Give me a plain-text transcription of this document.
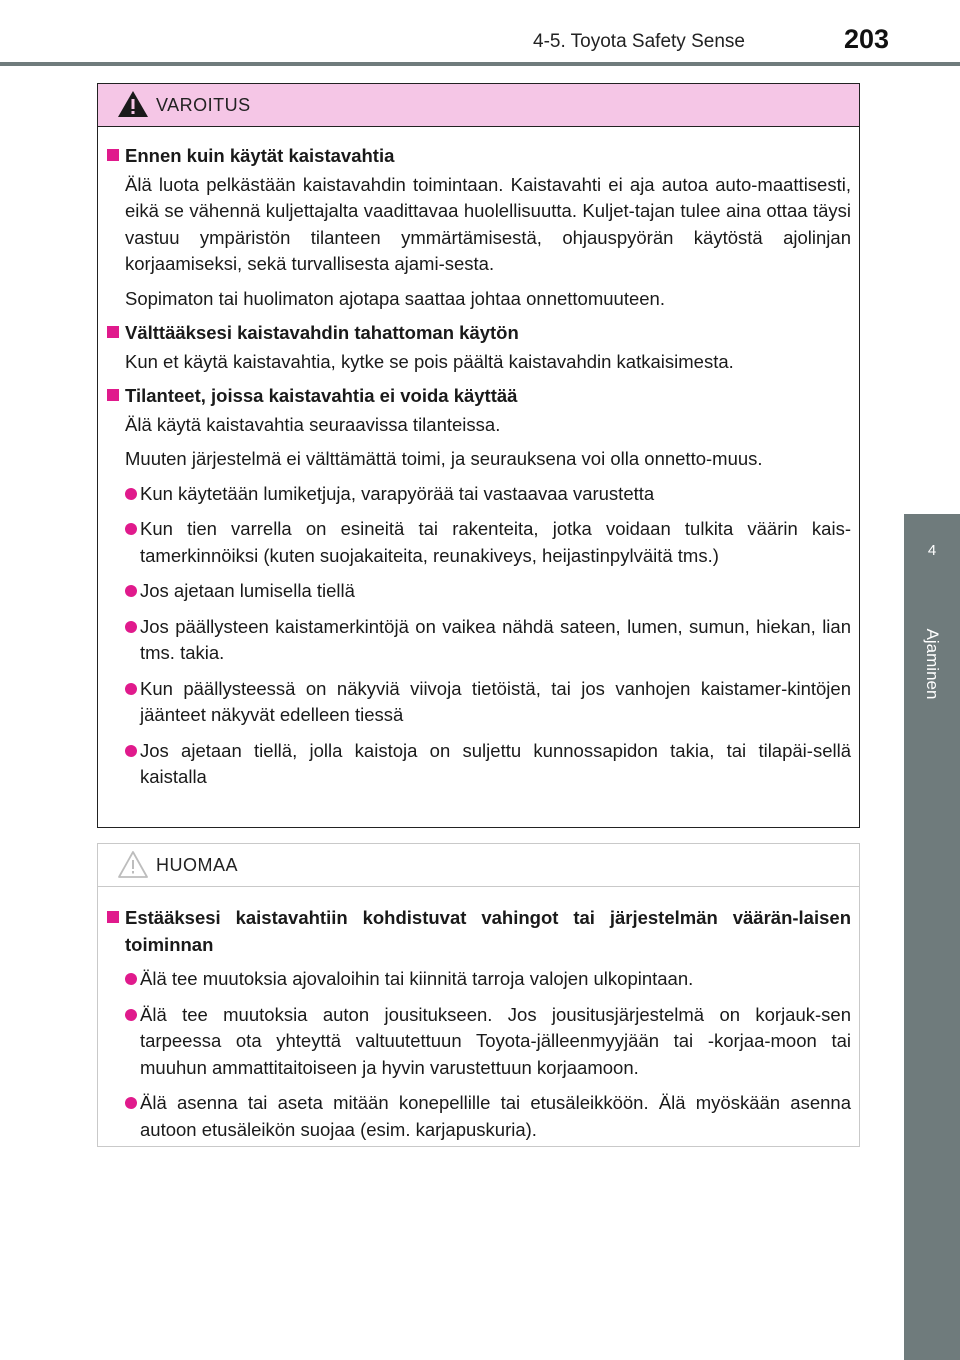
4-5. Toyota Safety Sense	203
4
Ajaminen
VAROITUS
Ennen kuin käytät kaistavahtia
Älä luota pelkästään kaistavahdin toimintaan. Kaistavahti ei aja autoa auto-maattisesti, eikä se vähennä kuljettajalta vaadittavaa huolellisuutta. Kuljet-tajan tulee aina ottaa täysi vastuu ympäristön tilanteen ymmärtämisestä, ohjauspyörän käytöstä ajolinjan korjaamiseksi, sekä turvallisesta ajami-sesta.
Sopimaton tai huolimaton ajotapa saattaa johtaa onnettomuuteen.
Välttääksesi kaistavahdin tahattoman käytön
Kun et käytä kaistavahtia, kytke se pois päältä kaistavahdin katkaisimesta.
Tilanteet, joissa kaistavahtia ei voida käyttää
Älä käytä kaistavahtia seuraavissa tilanteissa.
Muuten järjestelmä ei välttämättä toimi, ja seurauksena voi olla onnetto-muus.
Kun käytetään lumiketjuja, varapyörää tai vastaavaa varustetta
Kun tien varrella on esineitä tai rakenteita, jotka voidaan tulkita väärin kais-tamerkinnöiksi (kuten suojakaiteita, reunakiveys, heijastinpylväitä tms.)
Jos ajetaan lumisella tiellä
Jos päällysteen kaistamerkintöjä on vaikea nähdä sateen, lumen, sumun, hiekan, lian tms. takia.
Kun päällysteessä on näkyviä viivoja tietöistä, tai jos vanhojen kaistamer-kintöjen jäänteet näkyvät edelleen tiessä
Jos ajetaan tiellä, jolla kaistoja on suljettu kunnossapidon takia, tai tilapäi-sellä kaistalla
HUOMAA
Estääksesi kaistavahtiin kohdistuvat vahingot tai järjestelmän väärän-laisen toiminnan
Älä tee muutoksia ajovaloihin tai kiinnitä tarroja valojen ulkopintaan.
Älä tee muutoksia auton jousitukseen. Jos jousitusjärjestelmä on korjauk-sen tarpeessa ota yhteyttä valtuutettuun Toyota-jälleenmyyjään tai -korjaa-moon tai muuhun ammattitaitoiseen ja hyvin varustettuun korjaamoon.
Älä asenna tai aseta mitään konepellille tai etusäleikköön. Älä myöskään asenna autoon etusäleikön suojaa (esim. karjapuskuria).
